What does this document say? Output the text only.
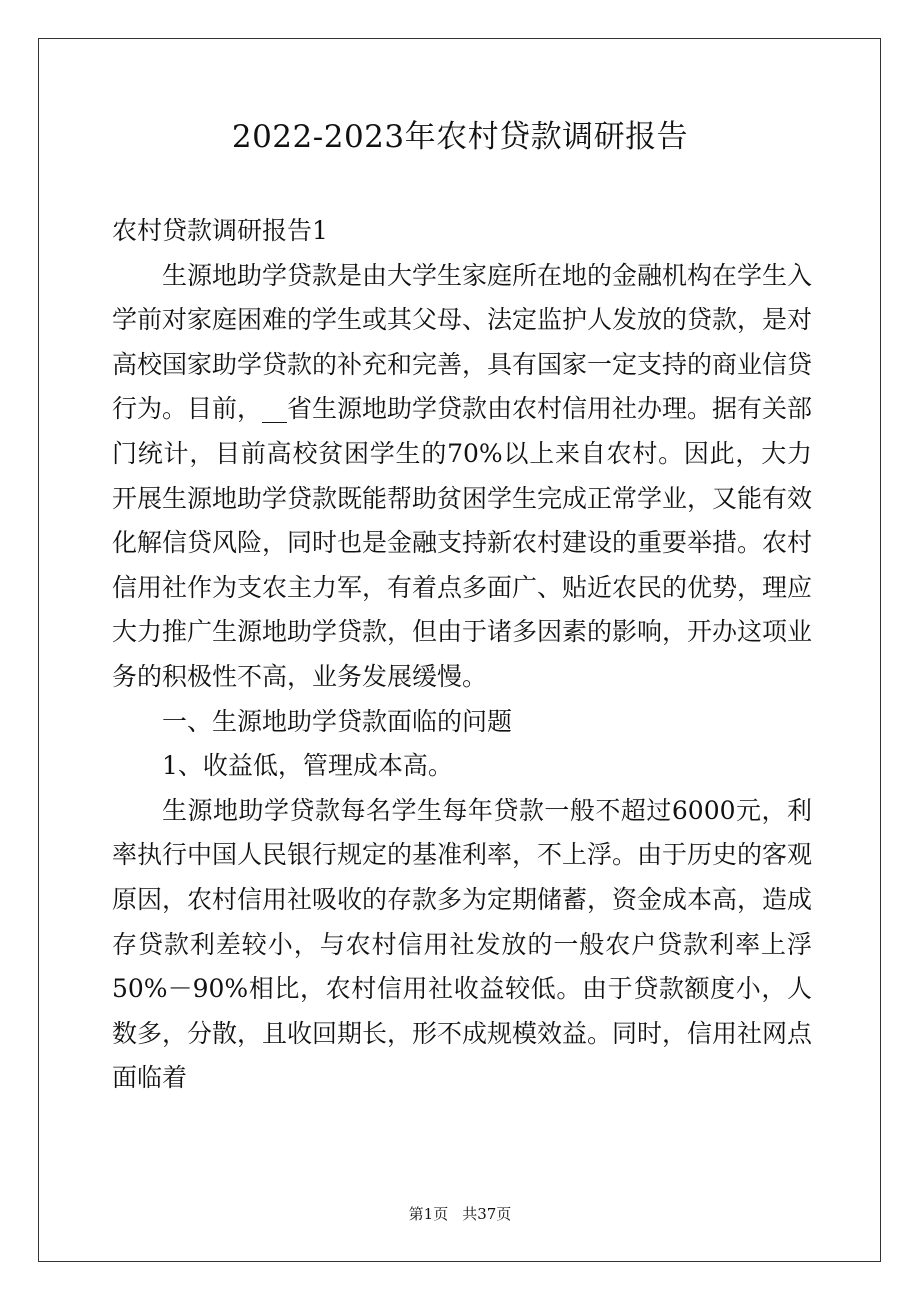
2022-2023年农村贷款调研报告

农村贷款调研报告1

生源地助学贷款是由大学生家庭所在地的金融机构在学生入学前对家庭困难的学生或其父母、法定监护人发放的贷款，是对高校国家助学贷款的补充和完善，具有国家一定支持的商业信贷行为。目前，__省生源地助学贷款由农村信用社办理。据有关部门统计，目前高校贫困学生的70%以上来自农村。因此，大力开展生源地助学贷款既能帮助贫困学生完成正常学业，又能有效化解信贷风险，同时也是金融支持新农村建设的重要举措。农村信用社作为支农主力军，有着点多面广、贴近农民的优势，理应大力推广生源地助学贷款，但由于诸多因素的影响，开办这项业务的积极性不高，业务发展缓慢。

一、生源地助学贷款面临的问题

1、收益低，管理成本高。

生源地助学贷款每名学生每年贷款一般不超过6000元，利率执行中国人民银行规定的基准利率，不上浮。由于历史的客观原因，农村信用社吸收的存款多为定期储蓄，资金成本高，造成存贷款利差较小，与农村信用社发放的一般农户贷款利率上浮50%－90%相比，农村信用社收益较低。由于贷款额度小，人数多，分散，且收回期长，形不成规模效益。同时，信用社网点面临着

第1页 共37页
